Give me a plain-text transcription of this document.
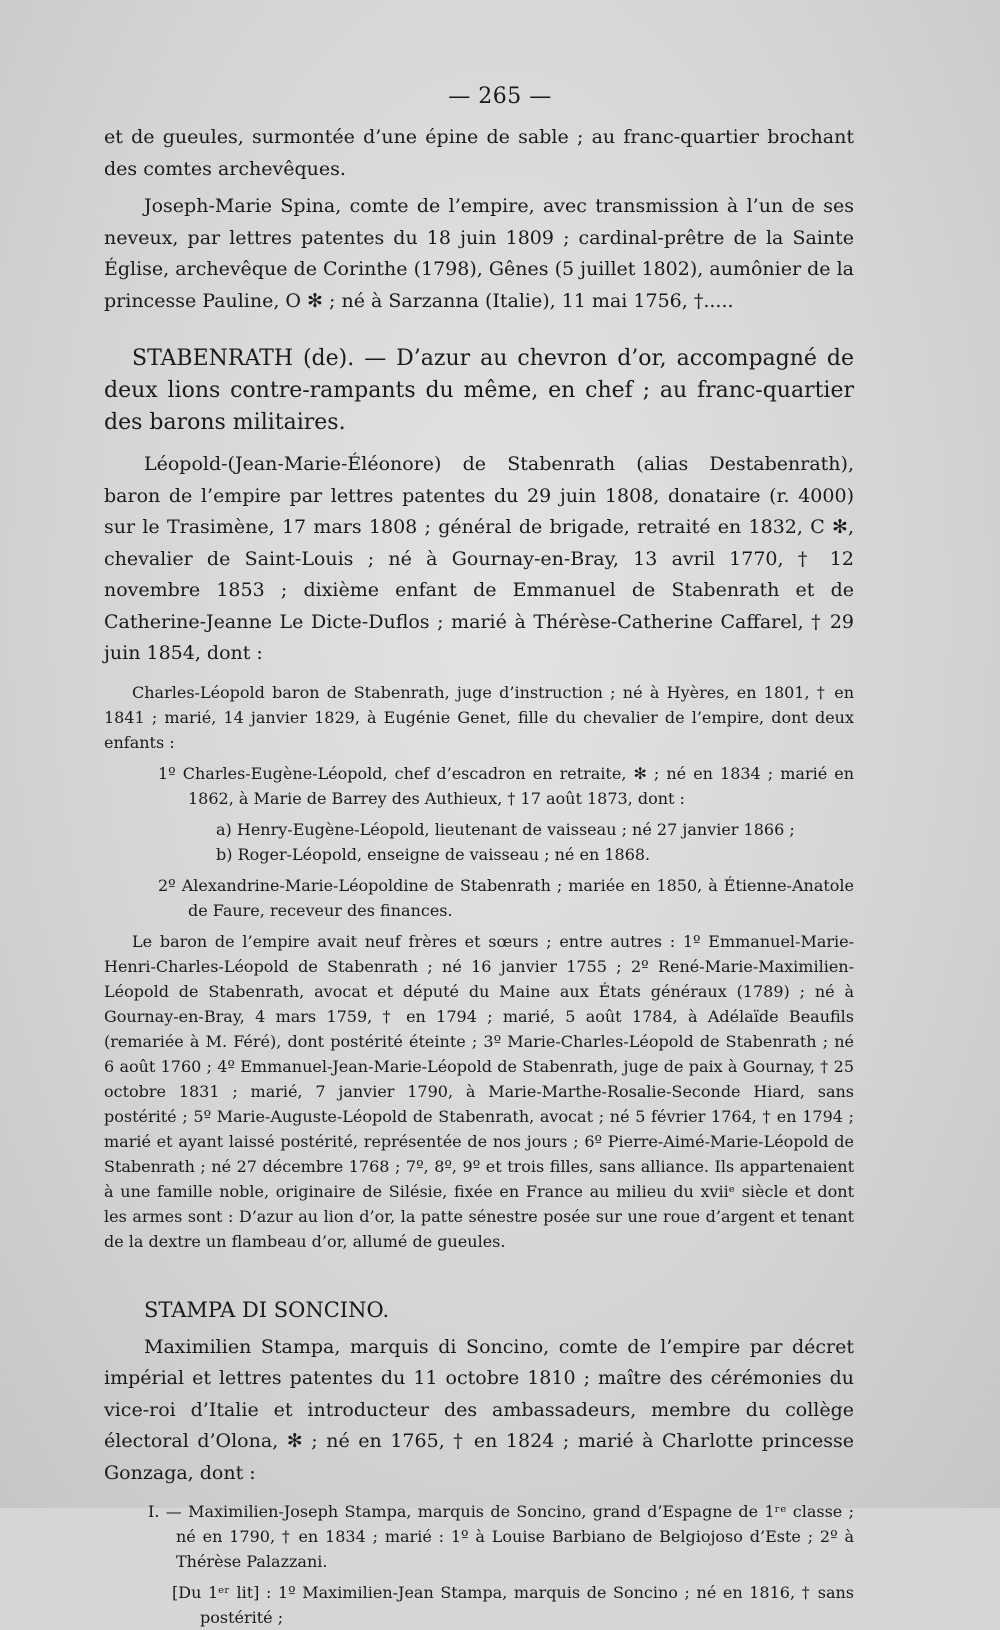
— 265 —

et de gueules, surmontée d’une épine de sable ; au franc-quartier brochant des comtes archevêques.

Joseph-Marie Spina, comte de l’empire, avec transmission à l’un de ses neveux, par lettres patentes du 18 juin 1809 ; cardinal-prêtre de la Sainte Église, archevêque de Corinthe (1798), Gênes (5 juillet 1802), aumônier de la princesse Pauline, O ✻ ; né à Sarzanna (Italie), 11 mai 1756, †.....

STABENRATH (de). — D’azur au chevron d’or, accompagné de deux lions contre-rampants du même, en chef ; au franc-quartier des barons militaires.

Léopold-(Jean-Marie-Éléonore) de Stabenrath (alias Destabenrath), baron de l’empire par lettres patentes du 29 juin 1808, donataire (r. 4000) sur le Trasimène, 17 mars 1808 ; général de brigade, retraité en 1832, C ✻, chevalier de Saint-Louis ; né à Gournay-en-Bray, 13 avril 1770, † 12 novembre 1853 ; dixième enfant de Emmanuel de Stabenrath et de Catherine-Jeanne Le Dicte-Duflos ; marié à Thérèse-Catherine Caffarel, † 29 juin 1854, dont :

Charles-Léopold baron de Stabenrath, juge d’instruction ; né à Hyères, en 1801, † en 1841 ; marié, 14 janvier 1829, à Eugénie Genet, fille du chevalier de l’empire, dont deux enfants :

1º Charles-Eugène-Léopold, chef d’escadron en retraite, ✻ ; né en 1834 ; marié en 1862, à Marie de Barrey des Authieux, † 17 août 1873, dont :

a) Henry-Eugène-Léopold, lieutenant de vaisseau ; né 27 janvier 1866 ;

b) Roger-Léopold, enseigne de vaisseau ; né en 1868.

2º Alexandrine-Marie-Léopoldine de Stabenrath ; mariée en 1850, à Étienne-Anatole de Faure, receveur des finances.

Le baron de l’empire avait neuf frères et sœurs ; entre autres : 1º Emmanuel-Marie-Henri-Charles-Léopold de Stabenrath ; né 16 janvier 1755 ; 2º René-Marie-Maximilien-Léopold de Stabenrath, avocat et député du Maine aux États généraux (1789) ; né à Gournay-en-Bray, 4 mars 1759, † en 1794 ; marié, 5 août 1784, à Adélaïde Beaufils (remariée à M. Féré), dont postérité éteinte ; 3º Marie-Charles-Léopold de Stabenrath ; né 6 août 1760 ; 4º Emmanuel-Jean-Marie-Léopold de Stabenrath, juge de paix à Gournay, † 25 octobre 1831 ; marié, 7 janvier 1790, à Marie-Marthe-Rosalie-Seconde Hiard, sans postérité ; 5º Marie-Auguste-Léopold de Stabenrath, avocat ; né 5 février 1764, † en 1794 ; marié et ayant laissé postérité, représentée de nos jours ; 6º Pierre-Aimé-Marie-Léopold de Stabenrath ; né 27 décembre 1768 ; 7º, 8º, 9º et trois filles, sans alliance. Ils appartenaient à une famille noble, originaire de Silésie, fixée en France au milieu du xviiᵉ siècle et dont les armes sont : D’azur au lion d’or, la patte sénestre posée sur une roue d’argent et tenant de la dextre un flambeau d’or, allumé de gueules.

STAMPA DI SONCINO.

Maximilien Stampa, marquis di Soncino, comte de l’empire par décret impérial et lettres patentes du 11 octobre 1810 ; maître des cérémonies du vice-roi d’Italie et introducteur des ambassadeurs, membre du collège électoral d’Olona, ✻ ; né en 1765, † en 1824 ; marié à Charlotte princesse Gonzaga, dont :

I. — Maximilien-Joseph Stampa, marquis de Soncino, grand d’Espagne de 1ʳᵉ classe ; né en 1790, † en 1834 ; marié : 1º à Louise Barbiano de Belgiojoso d’Este ; 2º à Thérèse Palazzani.

[Du 1ᵉʳ lit] : 1º Maximilien-Jean Stampa, marquis de Soncino ; né en 1816, † sans postérité ;
